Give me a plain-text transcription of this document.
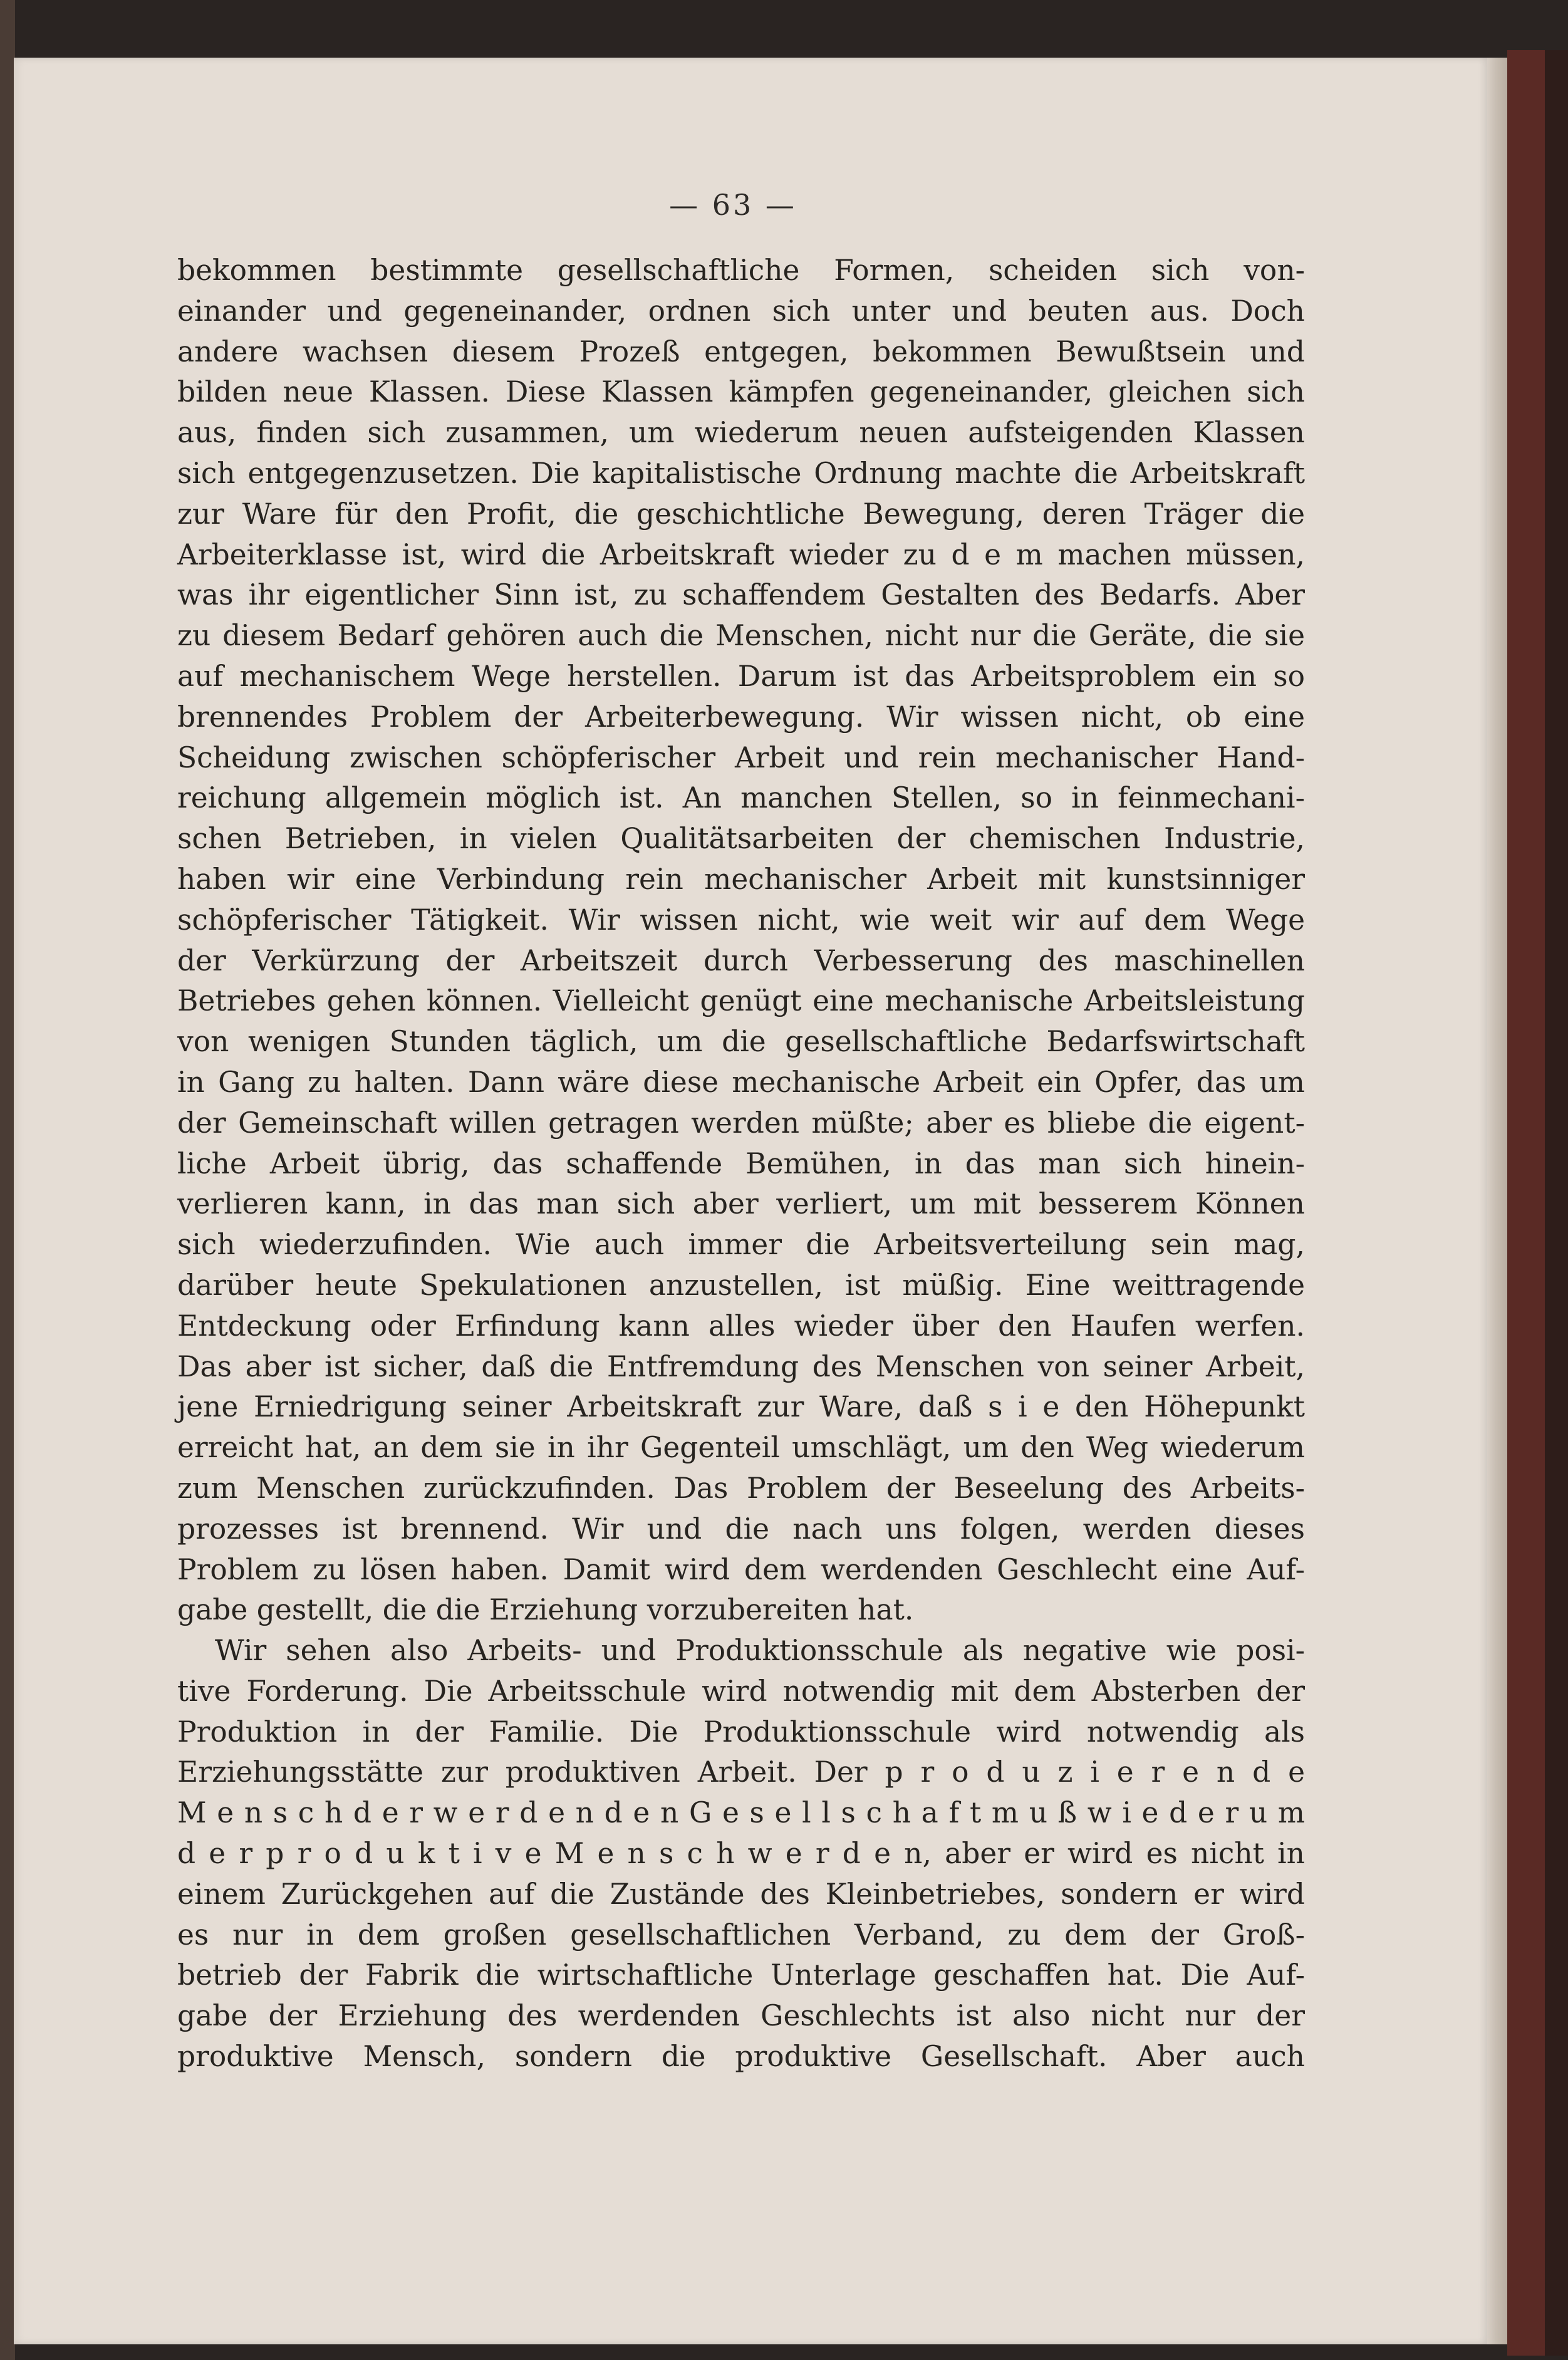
— 63 —
bekommen bestimmte gesellschaftliche Formen, scheiden sich von-
einander und gegeneinander, ordnen sich unter und beuten aus. Doch
andere wachsen diesem Prozeß entgegen, bekommen Bewußtsein und
bilden neue Klassen. Diese Klassen kämpfen gegeneinander, gleichen sich
aus, finden sich zusammen, um wiederum neuen aufsteigenden Klassen
sich entgegenzusetzen. Die kapitalistische Ordnung machte die Arbeitskraft
zur Ware für den Profit, die geschichtliche Bewegung, deren Träger die
Arbeiterklasse ist, wird die Arbeitskraft wieder zu d e m machen müssen,
was ihr eigentlicher Sinn ist, zu schaffendem Gestalten des Bedarfs. Aber
zu diesem Bedarf gehören auch die Menschen, nicht nur die Geräte, die sie
auf mechanischem Wege herstellen. Darum ist das Arbeitsproblem ein so
brennendes Problem der Arbeiterbewegung. Wir wissen nicht, ob eine
Scheidung zwischen schöpferischer Arbeit und rein mechanischer Hand-
reichung allgemein möglich ist. An manchen Stellen, so in feinmechani-
schen Betrieben, in vielen Qualitätsarbeiten der chemischen Industrie,
haben wir eine Verbindung rein mechanischer Arbeit mit kunstsinniger
schöpferischer Tätigkeit. Wir wissen nicht, wie weit wir auf dem Wege
der Verkürzung der Arbeitszeit durch Verbesserung des maschinellen
Betriebes gehen können. Vielleicht genügt eine mechanische Arbeitsleistung
von wenigen Stunden täglich, um die gesellschaftliche Bedarfswirtschaft
in Gang zu halten. Dann wäre diese mechanische Arbeit ein Opfer, das um
der Gemeinschaft willen getragen werden müßte; aber es bliebe die eigent-
liche Arbeit übrig, das schaffende Bemühen, in das man sich hinein-
verlieren kann, in das man sich aber verliert, um mit besserem Können
sich wiederzufinden. Wie auch immer die Arbeitsverteilung sein mag,
darüber heute Spekulationen anzustellen, ist müßig. Eine weittragende
Entdeckung oder Erfindung kann alles wieder über den Haufen werfen.
Das aber ist sicher, daß die Entfremdung des Menschen von seiner Arbeit,
jene Erniedrigung seiner Arbeitskraft zur Ware, daß s i e den Höhepunkt
erreicht hat, an dem sie in ihr Gegenteil umschlägt, um den Weg wiederum
zum Menschen zurückzufinden. Das Problem der Beseelung des Arbeits-
prozesses ist brennend. Wir und die nach uns folgen, werden dieses
Problem zu lösen haben. Damit wird dem werdenden Geschlecht eine Auf-
gabe gestellt, die die Erziehung vorzubereiten hat.
Wir sehen also Arbeits- und Produktionsschule als negative wie posi-
tive Forderung. Die Arbeitsschule wird notwendig mit dem Absterben der
Produktion in der Familie. Die Produktionsschule wird notwendig als
Erziehungsstätte zur produktiven Arbeit. Der p r o d u z i e r e n d e
M e n s c h d e r w e r d e n d e n G e s e l l s c h a f t m u ß w i e d e r u m
d e r p r o d u k t i v e M e n s c h w e r d e n, aber er wird es nicht in
einem Zurückgehen auf die Zustände des Kleinbetriebes, sondern er wird
es nur in dem großen gesellschaftlichen Verband, zu dem der Groß-
betrieb der Fabrik die wirtschaftliche Unterlage geschaffen hat. Die Auf-
gabe der Erziehung des werdenden Geschlechts ist also nicht nur der
produktive Mensch, sondern die produktive Gesellschaft. Aber auch
